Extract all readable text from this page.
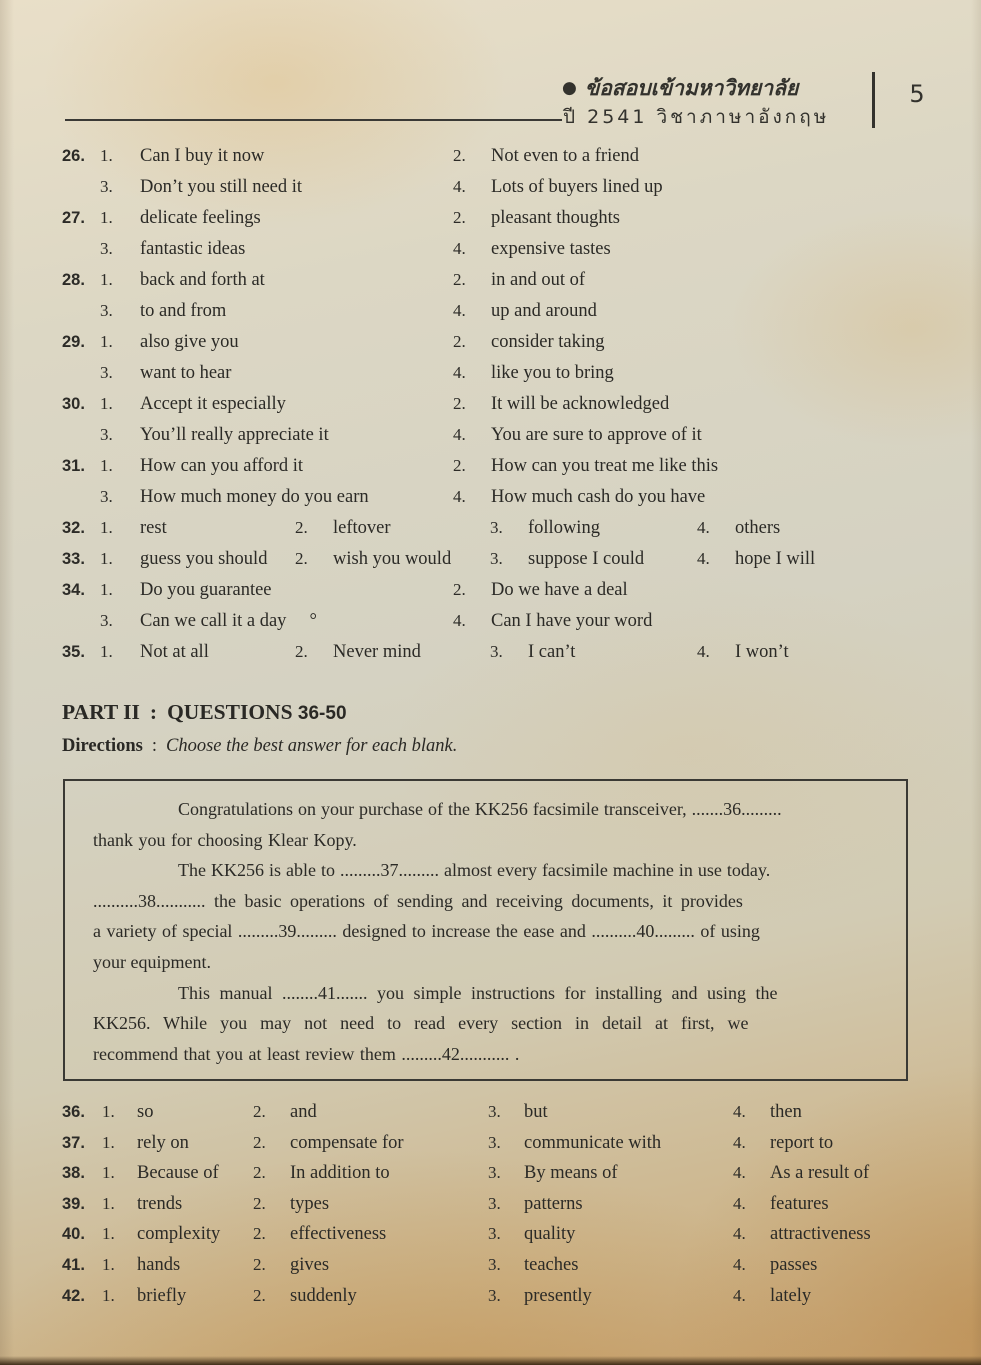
● ข้อสอบเข้ามหาวิทยาลัย
ปี 2541 วิชาภาษาอังกฤษ
5
26. 1.	Can I buy it now	2.	Not even to a friend
3.	Don’t you still need it	4.	Lots of buyers lined up
27. 1.	delicate feelings	2.	pleasant thoughts
3.	fantastic ideas	4.	expensive tastes
28. 1.	back and forth at	2.	in and out of
3.	to and from	4.	up and around
29. 1.	also give you	2.	consider taking
3.	want to hear	4.	like you to bring
30. 1.	Accept it especially	2.	It will be acknowledged
3.	You’ll really appreciate it	4.	You are sure to approve of it
31. 1.	How can you afford it	2.	How can you treat me like this
3.	How much money do you earn	4.	How much cash do you have
32. 1.	rest	2.	leftover	3.	following	4.	others
33. 1.	guess you should	2.	wish you would	3.	suppose I could	4.	hope I will
34. 1.	Do you guarantee	2.	Do we have a deal
3.	Can we call it a day     °	4.	Can I have your word
35. 1.	Not at all	2.	Never mind	3.	I can’t	4.	I won’t
PART II : QUESTIONS 36-50
Directions : Choose the best answer for each blank.
Congratulations on your purchase of the KK256 facsimile transceiver, .......36.........
thank you for choosing Klear Kopy.
The KK256 is able to .........37......... almost every facsimile machine in use today.
..........38........... the basic operations of sending and receiving documents, it provides
a variety of special .........39......... designed to increase the ease and ..........40......... of using
your equipment.
This manual ........41....... you simple instructions for installing and using the
KK256. While you may not need to read every section in detail at first, we
recommend that you at least review them .........42........... .
36.	1.	so	2.	and	3.	but	4.	then
37.	1.	rely on	2.	compensate for	3.	communicate with	4.	report to
38.	1.	Because of	2.	In addition to	3.	By means of	4.	As a result of
39.	1.	trends	2.	types	3.	patterns	4.	features
40.	1.	complexity	2.	effectiveness	3.	quality	4.	attractiveness
41.	1.	hands	2.	gives	3.	teaches	4.	passes
42.	1.	briefly	2.	suddenly	3.	presently	4.	lately
